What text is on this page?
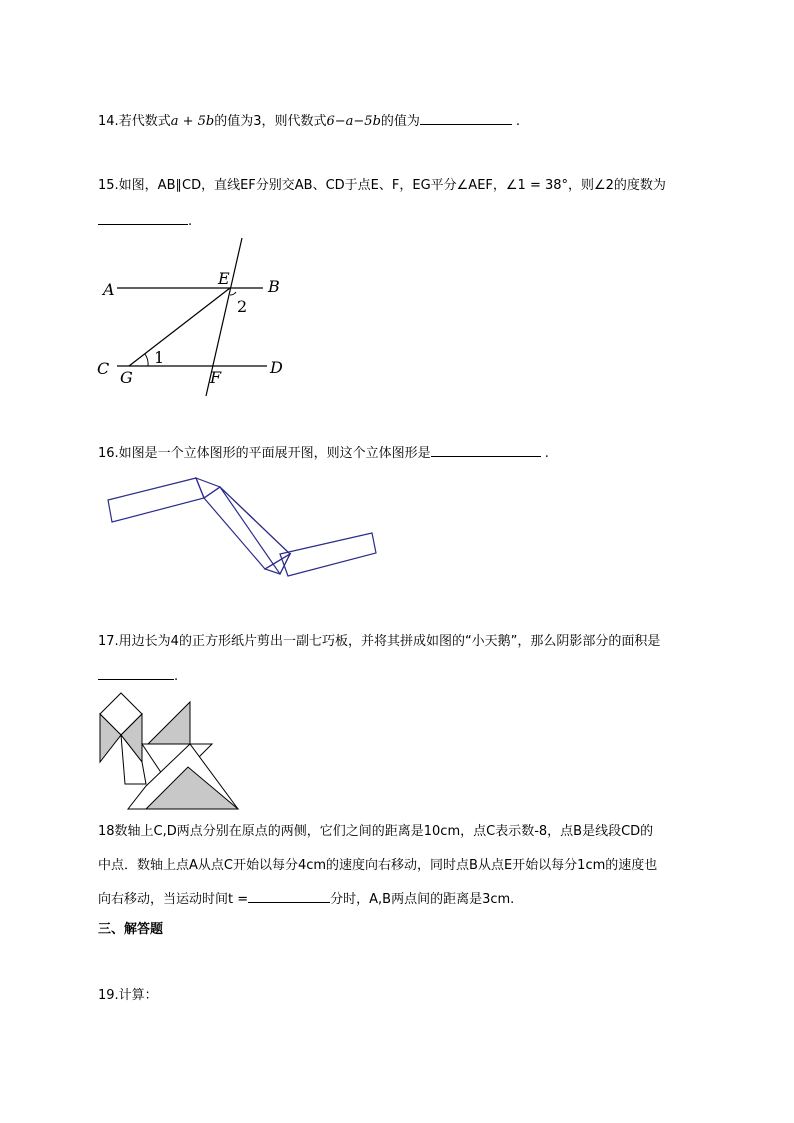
14.若代数式a + 5b的值为3，则代数式6−a−5b的值为	.
15.如图，AB∥CD，直线EF分别交AB、CD于点E、F，EG平分∠AEF，∠1 = 38°，则∠2的度数为
.
A	B
E
2
1
C G	F
D
16.如图是一个立体图形的平面展开图，则这个立体图形是	.
17.用边长为4的正方形纸片剪出一副七巧板，并将其拼成如图的“小天鹅”，那么阴影部分的面积是
.
18数轴上C,D两点分别在原点的两侧，它们之间的距离是10cm，点C表示数-8，点B是线段CD的
中点．数轴上点A从点C开始以每分4cm的速度向右移动，同时点B从点E开始以每分1cm的速度也
向右移动，当运动时间t =	分时，A,B两点间的距离是3cm.
三、解答题
19.计算：
